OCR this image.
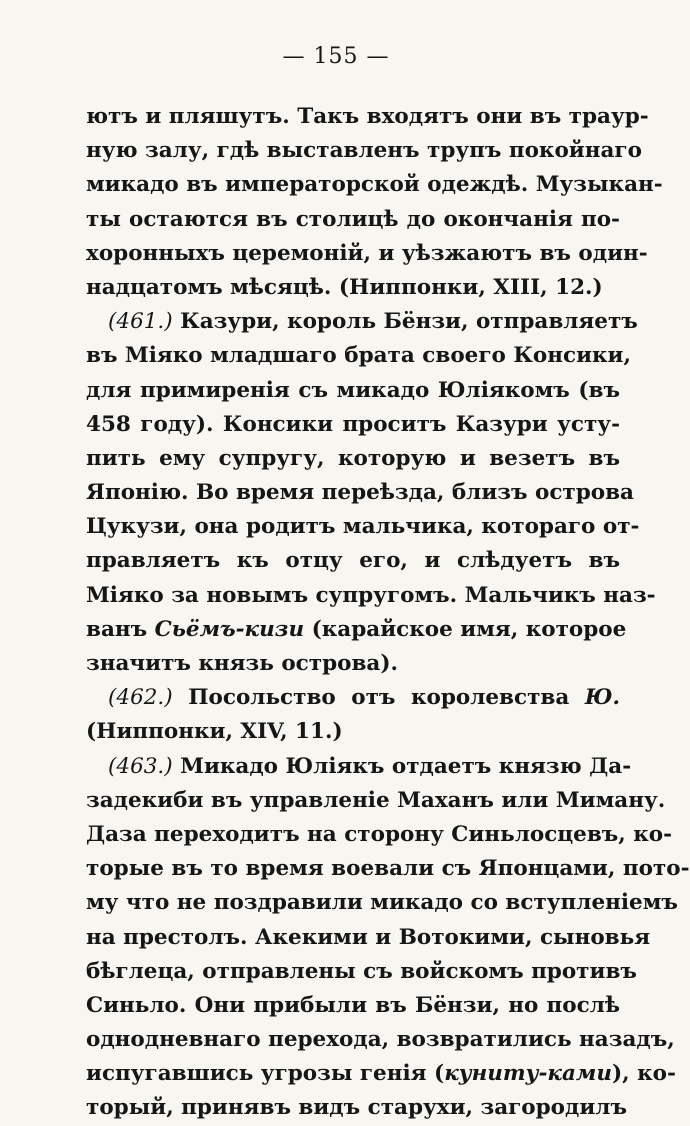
— 155 —
ютъ и пляшутъ. Такъ входятъ они въ траур-
ную залу, гдѣ выставленъ трупъ покойнаго
микадо въ императорской одеждѣ. Музыкан-
ты остаются въ столицѣ до окончанія по-
хоронныхъ церемоній, и уѣзжаютъ въ один-
надцатомъ мѣсяцѣ. (Ниппонки, XIII, 12.)
(461.) Казури, король Бёнзи, отправляетъ
въ Міяко младшаго брата своего Консики,
для примиренія съ микадо Юліякомъ (въ
458 году). Консики проситъ Казури усту-
пить ему супругу, которую и везетъ въ
Японію. Во время переѣзда, близъ острова
Цукузи, она родитъ мальчика, котораго от-
правляетъ къ отцу его, и слѣдуетъ въ
Міяко за новымъ супругомъ. Мальчикъ наз-
ванъ Сьёмъ-кизи (карайское имя, которое
значитъ князь острова).
(462.) Посольство отъ королевства Ю.
(Ниппонки, XIV, 11.)
(463.) Микадо Юліякъ отдаетъ князю Да-
задекиби въ управленіе Маханъ или Миману.
Даза переходитъ на сторону Синьлосцевъ, ко-
торые въ то время воевали съ Японцами, пото-
му что не поздравили микадо со вступленіемъ
на престолъ. Акекими и Вотокими, сыновья
бѣглеца, отправлены съ войскомъ противъ
Синьло. Они прибыли въ Бёнзи, но послѣ
однодневнаго перехода, возвратились назадъ,
испугавшись угрозы генія (куниту-ками), ко-
торый, принявъ видъ старухи, загородилъ
